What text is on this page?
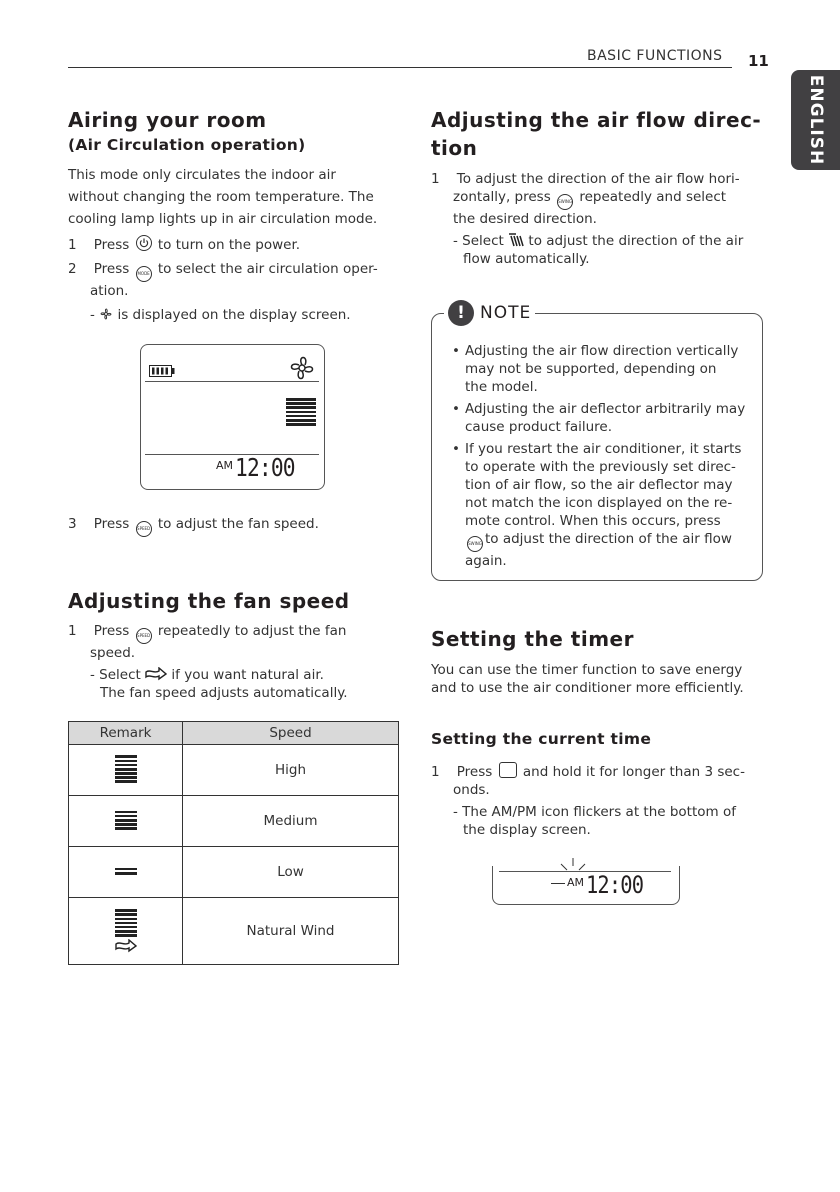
BASIC FUNCTIONS 11
ENGLISH
Airing your room
(Air Circulation operation)
This mode only circulates the indoor air
without changing the room temperature. The
cooling lamp lights up in air circulation mode.
1 Press to turn on the power.
2 Press MODE to select the air circulation oper-
ation.
- is displayed on the display screen.
AM 12:00
3 Press SPEED to adjust the fan speed.
Adjusting the fan speed
1 Press SPEED repeatedly to adjust the fan
speed.
- Select if you want natural air.
The fan speed adjusts automatically.
Remark	Speed

	High

	Medium

	Low

	Natural Wind
Adjusting the air flow direc-
tion
1 To adjust the direction of the air flow hori-
zontally, press SWING repeatedly and select
the desired direction.
- Select to adjust the direction of the air
flow automatically.
! NOTE
• Adjusting the air flow direction vertically
may not be supported, depending on
the model.
• Adjusting the air deflector arbitrarily may
cause product failure.
• If you restart the air conditioner, it starts
to operate with the previously set direc-
tion of air flow, so the air deflector may
not match the icon displayed on the re-
mote control. When this occurs, press
SWING to adjust the direction of the air flow
again.
Setting the timer
You can use the timer function to save energy
and to use the air conditioner more efficiently.
Setting the current time
1 Press and hold it for longer than 3 sec-
onds.
- The AM/PM icon flickers at the bottom of
the display screen.
AM 12:00
